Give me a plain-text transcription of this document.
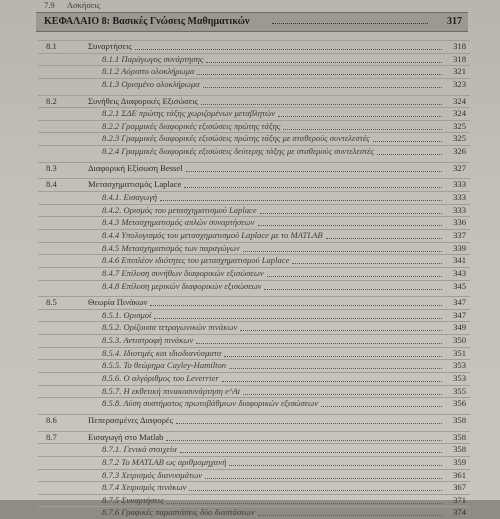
7.9 Ασκήσεις
ΚΕΦΑΛΑΙΟ 8: Βασικές Γνώσεις Μαθηματικών	317
8.1	Συναρτήσεις	318
8.1.1 Παράγωγος συνάρτησης	318
8.1.2 Αόριστο ολοκλήρωμα	321
8.1.3 Ορισμένο ολοκλήρωμα	323
8.2	Συνήθεις Διαφορικές Εξισώσεις	324
8.2.1 ΣΔΕ πρώτης τάξης χωριζομένων μεταβλητών	324
8.2.2 Γραμμικές διαφορικές εξισώσεις πρώτης τάξης	325
8.2.3 Γραμμικές διαφορικές εξισώσεις πρώτης τάξης με σταθερούς συντελεστές	325
8.2.4 Γραμμικές διαφορικές εξισώσεις δεύτερης τάξης με σταθερούς συντελεστές	326
8.3	Διαφορική Εξίσωση Bessel	327
8.4	Μετασχηματισμός Laplace	333
8.4.1. Εισαγωγή	333
8.4.2. Ορισμός του μετασχηματισμού Laplace	333
8.4.3 Μετασχηματισμός απλών συναρτήσεων	336
8.4.4 Υπολογισμός του μετασχηματισμού Laplace με το MATLAB	337
8.4.5 Μετασχηματισμός των παραγώγων	339
8.4.6 Επιπλέον ιδιότητες του μετασχηματισμού Laplace	341
8.4.7 Επίλυση συνήθων διαφορικών εξισώσεων	343
8.4.8 Επίλυση μερικών διαφορικών εξισώσεων	345
8.5	Θεωρία Πινάκων	347
8.5.1. Ορισμοί	347
8.5.2. Ορίζουσα τετραγωνικών πινάκων	349
8.5.3. Αντιστροφή πινάκων	350
8.5.4. Ιδιοτιμές και ιδιοδιανύσματα	351
8.5.5. Το θεώρημα Cayley-Hamilton	353
8.5.6. Ο αλγόριθμος του Leverrier	353
8.5.7. Η εκθετική πινακοσυνάρτηση e^At	355
8.5.8. Λύση συστήματος πρωτοβάθμιων διαφορικών εξισώσεων	356
8.6	Πεπερασμένες Διαφορές	358
8.7	Εισαγωγή στο Matlab	358
8.7.1. Γενικά στοιχεία	358
8.7.2 Το MATLAB ως αριθμομηχανή	359
8.7.3 Χειρισμός διανυσμάτων	361
8.7.4 Χειρισμός πινάκων	367
8.7.5 Συναρτήσεις	371
8.7.6 Γραφικές παραστάσεις δύο διαστάσεων	374
